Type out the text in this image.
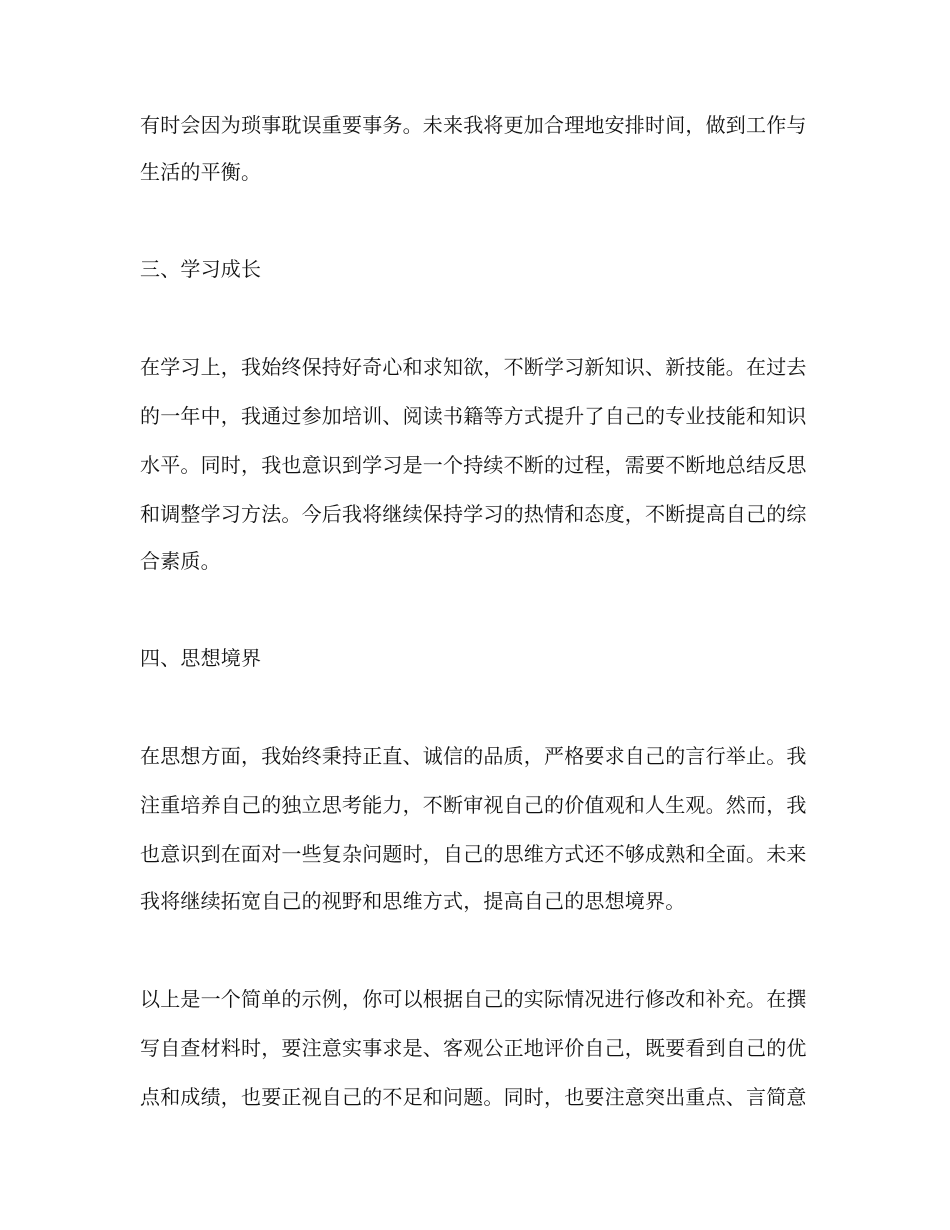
有时会因为琐事耽误重要事务。未来我将更加合理地安排时间，做到工作与
生活的平衡。
三、学习成长
在学习上，我始终保持好奇心和求知欲，不断学习新知识、新技能。在过去
的一年中，我通过参加培训、阅读书籍等方式提升了自己的专业技能和知识
水平。同时，我也意识到学习是一个持续不断的过程，需要不断地总结反思
和调整学习方法。今后我将继续保持学习的热情和态度，不断提高自己的综
合素质。
四、思想境界
在思想方面，我始终秉持正直、诚信的品质，严格要求自己的言行举止。我
注重培养自己的独立思考能力，不断审视自己的价值观和人生观。然而，我
也意识到在面对一些复杂问题时，自己的思维方式还不够成熟和全面。未来
我将继续拓宽自己的视野和思维方式，提高自己的思想境界。
以上是一个简单的示例，你可以根据自己的实际情况进行修改和补充。在撰
写自查材料时，要注意实事求是、客观公正地评价自己，既要看到自己的优
点和成绩，也要正视自己的不足和问题。同时，也要注意突出重点、言简意
